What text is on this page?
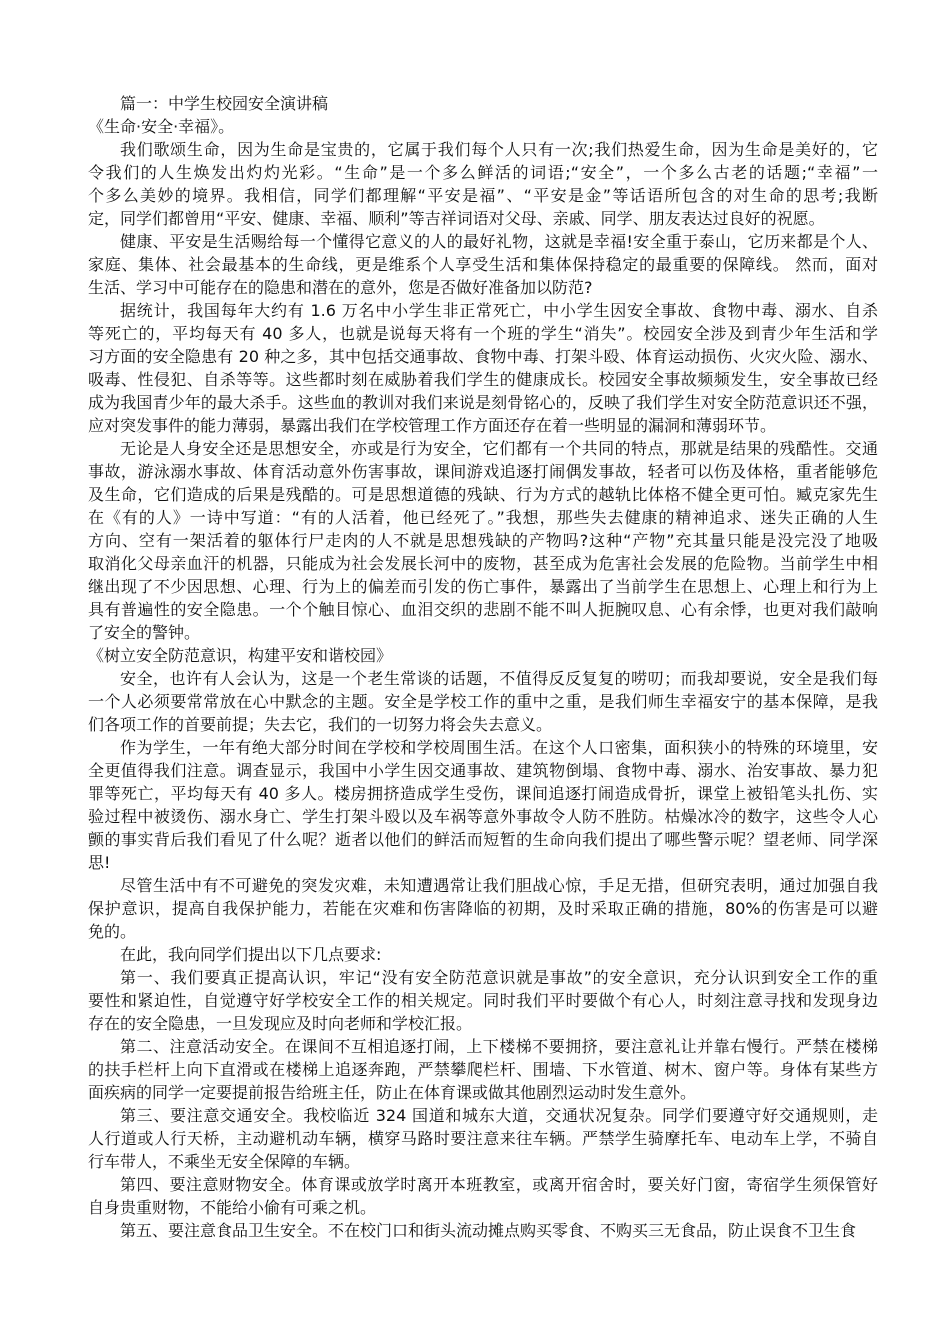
篇一：中学生校园安全演讲稿
《生命·安全·幸福》。
我们歌颂生命，因为生命是宝贵的，它属于我们每个人只有一次;我们热爱生命，因为生命是美好的，它
令我们的人生焕发出灼灼光彩。“生命”是一个多么鲜活的词语;“安全”，一个多么古老的话题;“幸福”一
个多么美妙的境界。我相信，同学们都理解“平安是福”、“平安是金”等话语所包含的对生命的思考;我断
定，同学们都曾用“平安、健康、幸福、顺利”等吉祥词语对父母、亲戚、同学、朋友表达过良好的祝愿。
健康、平安是生活赐给每一个懂得它意义的人的最好礼物，这就是幸福!安全重于泰山，它历来都是个人、
家庭、集体、社会最基本的生命线，更是维系个人享受生活和集体保持稳定的最重要的保障线。 然而，面对
生活、学习中可能存在的隐患和潜在的意外，您是否做好准备加以防范?
据统计，我国每年大约有 1.6 万名中小学生非正常死亡，中小学生因安全事故、食物中毒、溺水、自杀
等死亡的，平均每天有 40 多人，也就是说每天将有一个班的学生“消失”。校园安全涉及到青少年生活和学
习方面的安全隐患有 20 种之多，其中包括交通事故、食物中毒、打架斗殴、体育运动损伤、火灾火险、溺水、
吸毒、性侵犯、自杀等等。这些都时刻在威胁着我们学生的健康成长。校园安全事故频频发生，安全事故已经
成为我国青少年的最大杀手。这些血的教训对我们来说是刻骨铭心的，反映了我们学生对安全防范意识还不强，
应对突发事件的能力薄弱，暴露出我们在学校管理工作方面还存在着一些明显的漏洞和薄弱环节。
无论是人身安全还是思想安全，亦或是行为安全，它们都有一个共同的特点，那就是结果的残酷性。交通
事故，游泳溺水事故、体育活动意外伤害事故，课间游戏追逐打闹偶发事故，轻者可以伤及体格，重者能够危
及生命，它们造成的后果是残酷的。可是思想道德的残缺、行为方式的越轨比体格不健全更可怕。臧克家先生
在《有的人》一诗中写道：“有的人活着，他已经死了。”我想，那些失去健康的精神追求、迷失正确的人生
方向、空有一架活着的躯体行尸走肉的人不就是思想残缺的产物吗?这种“产物”充其量只能是没完没了地吸
取消化父母亲血汗的机器，只能成为社会发展长河中的废物，甚至成为危害社会发展的危险物。当前学生中相
继出现了不少因思想、心理、行为上的偏差而引发的伤亡事件，暴露出了当前学生在思想上、心理上和行为上
具有普遍性的安全隐患。一个个触目惊心、血泪交织的悲剧不能不叫人扼腕叹息、心有余悸，也更对我们敲响
了安全的警钟。
《树立安全防范意识，构建平安和谐校园》
安全，也许有人会认为，这是一个老生常谈的话题，不值得反反复复的唠叨；而我却要说，安全是我们每
一个人必须要常常放在心中默念的主题。安全是学校工作的重中之重，是我们师生幸福安宁的基本保障，是我
们各项工作的首要前提；失去它，我们的一切努力将会失去意义。
作为学生，一年有绝大部分时间在学校和学校周围生活。在这个人口密集，面积狭小的特殊的环境里，安
全更值得我们注意。调查显示，我国中小学生因交通事故、建筑物倒塌、食物中毒、溺水、治安事故、暴力犯
罪等死亡，平均每天有 40 多人。楼房拥挤造成学生受伤，课间追逐打闹造成骨折，课堂上被铅笔头扎伤、实
验过程中被烫伤、溺水身亡、学生打架斗殴以及车祸等意外事故令人防不胜防。枯燥冰冷的数字，这些令人心
颤的事实背后我们看见了什么呢？逝者以他们的鲜活而短暂的生命向我们提出了哪些警示呢？望老师、同学深
思!
尽管生活中有不可避免的突发灾难，未知遭遇常让我们胆战心惊，手足无措，但研究表明，通过加强自我
保护意识，提高自我保护能力，若能在灾难和伤害降临的初期，及时采取正确的措施，80%的伤害是可以避
免的。
在此，我向同学们提出以下几点要求:
第一、我们要真正提高认识，牢记“没有安全防范意识就是事故”的安全意识，充分认识到安全工作的重
要性和紧迫性，自觉遵守好学校安全工作的相关规定。同时我们平时要做个有心人，时刻注意寻找和发现身边
存在的安全隐患，一旦发现应及时向老师和学校汇报。
第二、注意活动安全。在课间不互相追逐打闹，上下楼梯不要拥挤，要注意礼让并靠右慢行。严禁在楼梯
的扶手栏杆上向下直滑或在楼梯上追逐奔跑，严禁攀爬栏杆、围墙、下水管道、树木、窗户等。身体有某些方
面疾病的同学一定要提前报告给班主任，防止在体育课或做其他剧烈运动时发生意外。
第三、要注意交通安全。我校临近 324 国道和城东大道，交通状况复杂。同学们要遵守好交通规则，走
人行道或人行天桥，主动避机动车辆，横穿马路时要注意来往车辆。严禁学生骑摩托车、电动车上学，不骑自
行车带人，不乘坐无安全保障的车辆。
第四、要注意财物安全。体育课或放学时离开本班教室，或离开宿舍时，要关好门窗，寄宿学生须保管好
自身贵重财物，不能给小偷有可乘之机。
第五、要注意食品卫生安全。不在校门口和街头流动摊点购买零食、不购买三无食品，防止误食不卫生食
